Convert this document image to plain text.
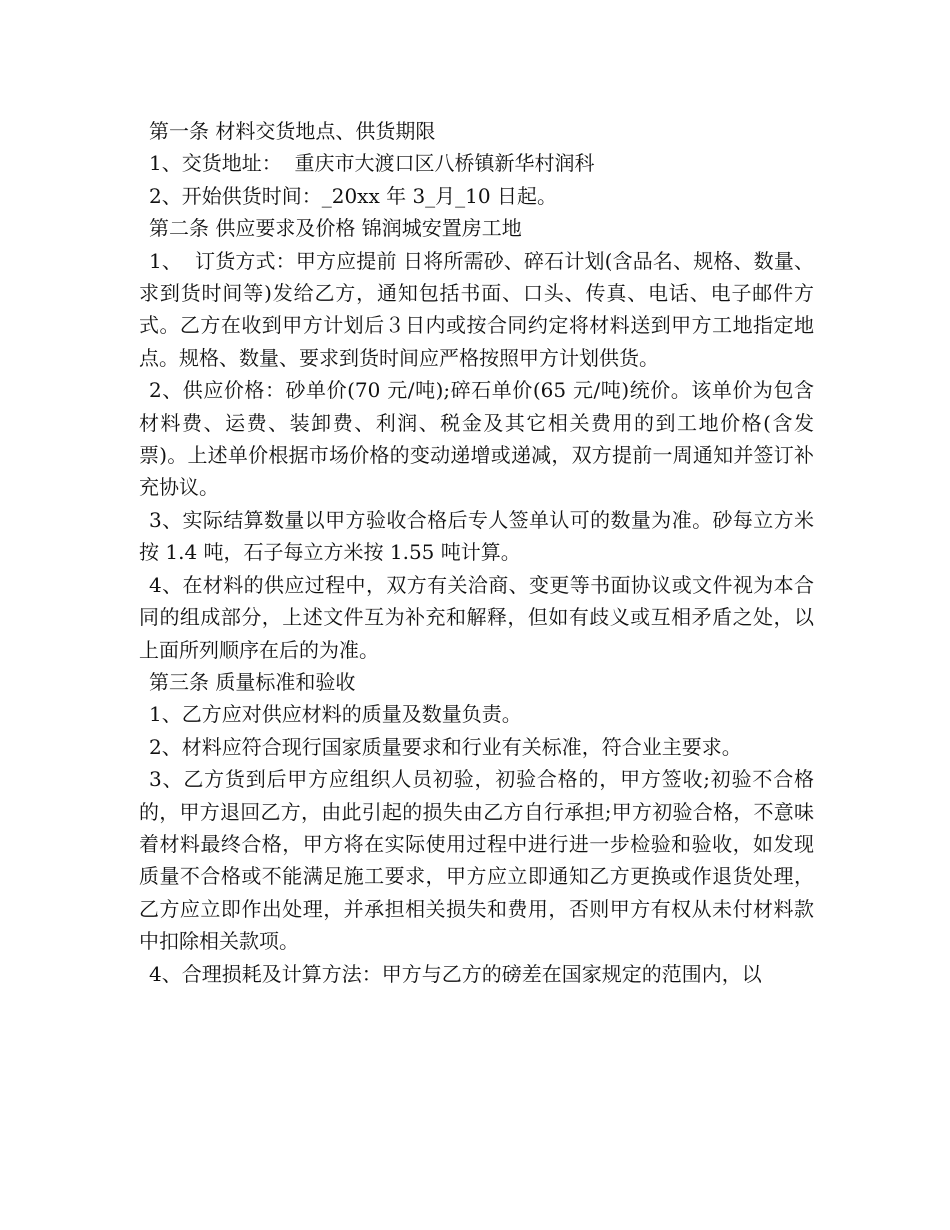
第一条 材料交货地点、供货期限

1、交货地址：  重庆市大渡口区八桥镇新华村润科

2、开始供货时间：_20xx 年 3_月_10 日起。

第二条 供应要求及价格 锦润城安置房工地

1、  订货方式：甲方应提前 日将所需砂、碎石计划(含品名、规格、数量、求到货时间等)发给乙方，通知包括书面、口头、传真、电话、电子邮件方式。乙方在收到甲方计划后３日内或按合同约定将材料送到甲方工地指定地点。规格、数量、要求到货时间应严格按照甲方计划供货。

2、供应价格：砂单价(70 元/吨);碎石单价(65 元/吨)统价。该单价为包含材料费、运费、装卸费、利润、税金及其它相关费用的到工地价格(含发票)。上述单价根据市场价格的变动递增或递减，双方提前一周通知并签订补充协议。

3、实际结算数量以甲方验收合格后专人签单认可的数量为准。砂每立方米按 1.4 吨，石子每立方米按 1.55 吨计算。

4、在材料的供应过程中，双方有关洽商、变更等书面协议或文件视为本合同的组成部分，上述文件互为补充和解释，但如有歧义或互相矛盾之处，以上面所列顺序在后的为准。

第三条 质量标准和验收

1、乙方应对供应材料的质量及数量负责。

2、材料应符合现行国家质量要求和行业有关标准，符合业主要求。

3、乙方货到后甲方应组织人员初验，初验合格的，甲方签收;初验不合格的，甲方退回乙方，由此引起的损失由乙方自行承担;甲方初验合格，不意味着材料最终合格，甲方将在实际使用过程中进行进一步检验和验收，如发现质量不合格或不能满足施工要求，甲方应立即通知乙方更换或作退货处理，乙方应立即作出处理，并承担相关损失和费用，否则甲方有权从未付材料款中扣除相关款项。

4、合理损耗及计算方法：甲方与乙方的磅差在国家规定的范围内，以
